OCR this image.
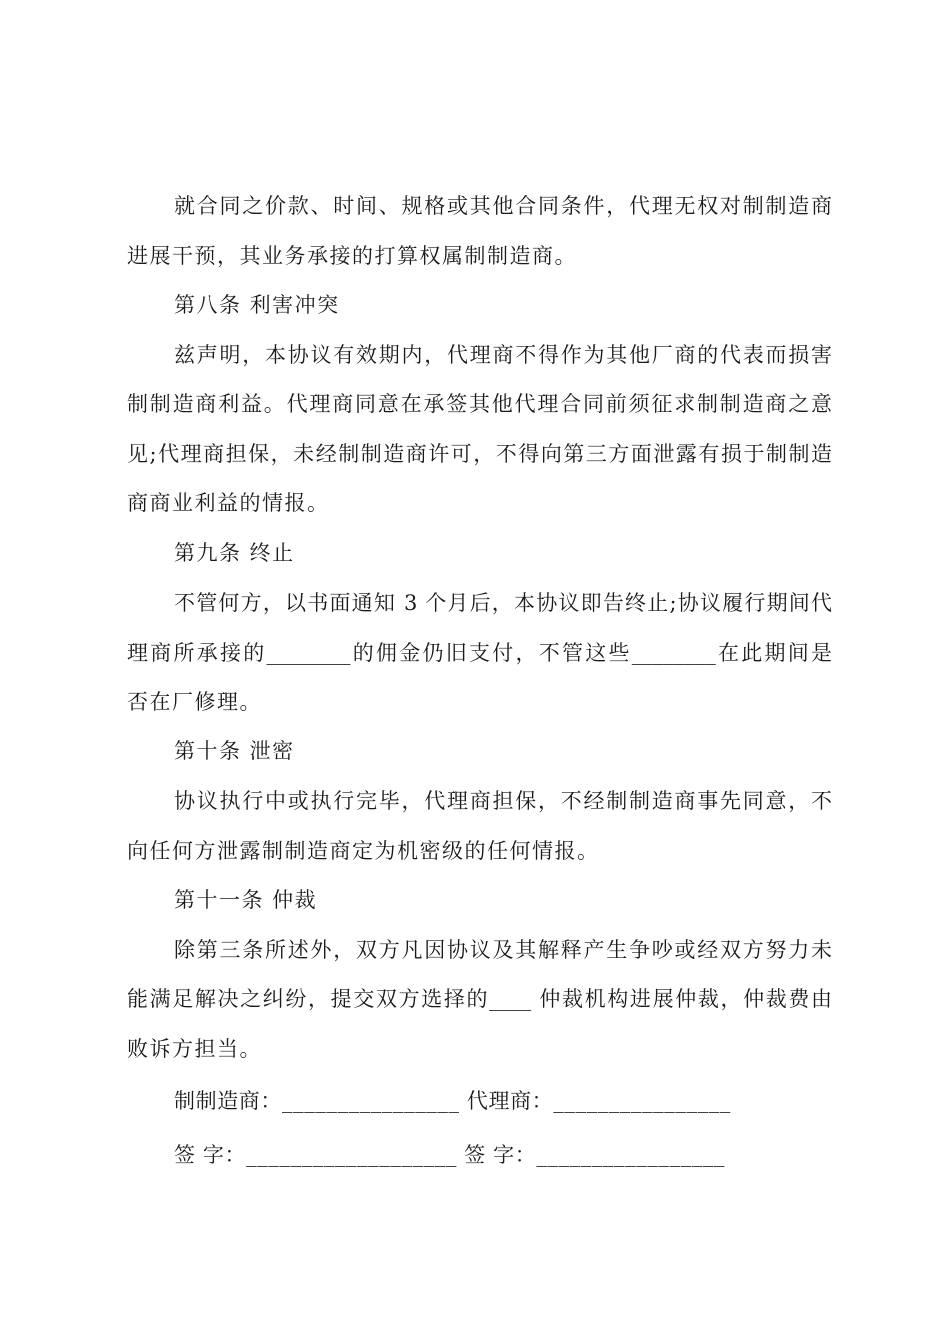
就合同之价款、时间、规格或其他合同条件，代理无权对制制造商
进展干预，其业务承接的打算权属制制造商。
第八条 利害冲突
兹声明，本协议有效期内，代理商不得作为其他厂商的代表而损害
制制造商利益。代理商同意在承签其他代理合同前须征求制制造商之意
见;代理商担保，未经制制造商许可，不得向第三方面泄露有损于制制造
商商业利益的情报。
第九条 终止
不管何方，以书面通知 3 个月后，本协议即告终止;协议履行期间代
理商所承接的________的佣金仍旧支付，不管这些________在此期间是
否在厂修理。
第十条 泄密
协议执行中或执行完毕，代理商担保，不经制制造商事先同意，不
向任何方泄露制制造商定为机密级的任何情报。
第十一条 仲裁
除第三条所述外，双方凡因协议及其解释产生争吵或经双方努力未
能满足解决之纠纷，提交双方选择的____ 仲裁机构进展仲裁，仲裁费由
败诉方担当。
制制造商：________________ 代理商：________________
签 字：___________________ 签 字：_________________
